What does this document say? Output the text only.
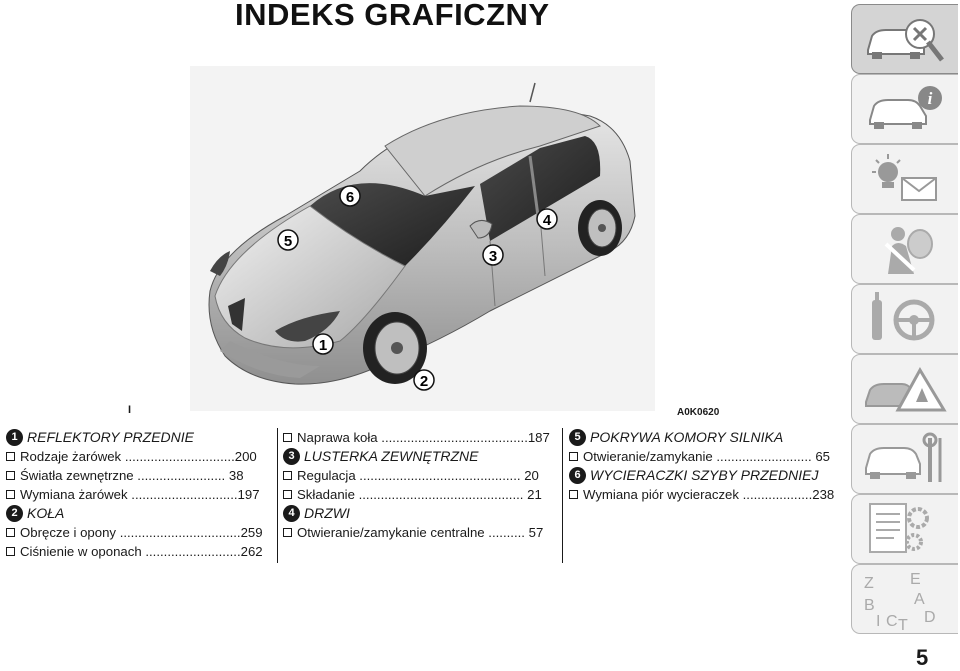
INDEKS GRAFICZNY
1
2
3
4
5
6
I	A0K0620
1 REFLEKTORY PRZEDNIE
Rodzaje żarówek ..............................200
Światła zewnętrzne ........................ 38
Wymiana żarówek .............................197
2 KOŁA
Obręcze i opony .................................259
Ciśnienie w oponach ..........................262
Naprawa koła ........................................187
3 LUSTERKA ZEWNĘTRZNE
Regulacja ............................................ 20
Składanie ............................................. 21
4 DRZWI
Otwieranie/zamykanie centralne .......... 57
5 POKRYWA KOMORY SILNIKA
Otwieranie/zamykanie .......................... 65
6 WYCIERACZKI SZYBY PRZEDNIEJ
Wymiana piór wycieraczek ...................238
i
Z E
B A
I C T D
5
